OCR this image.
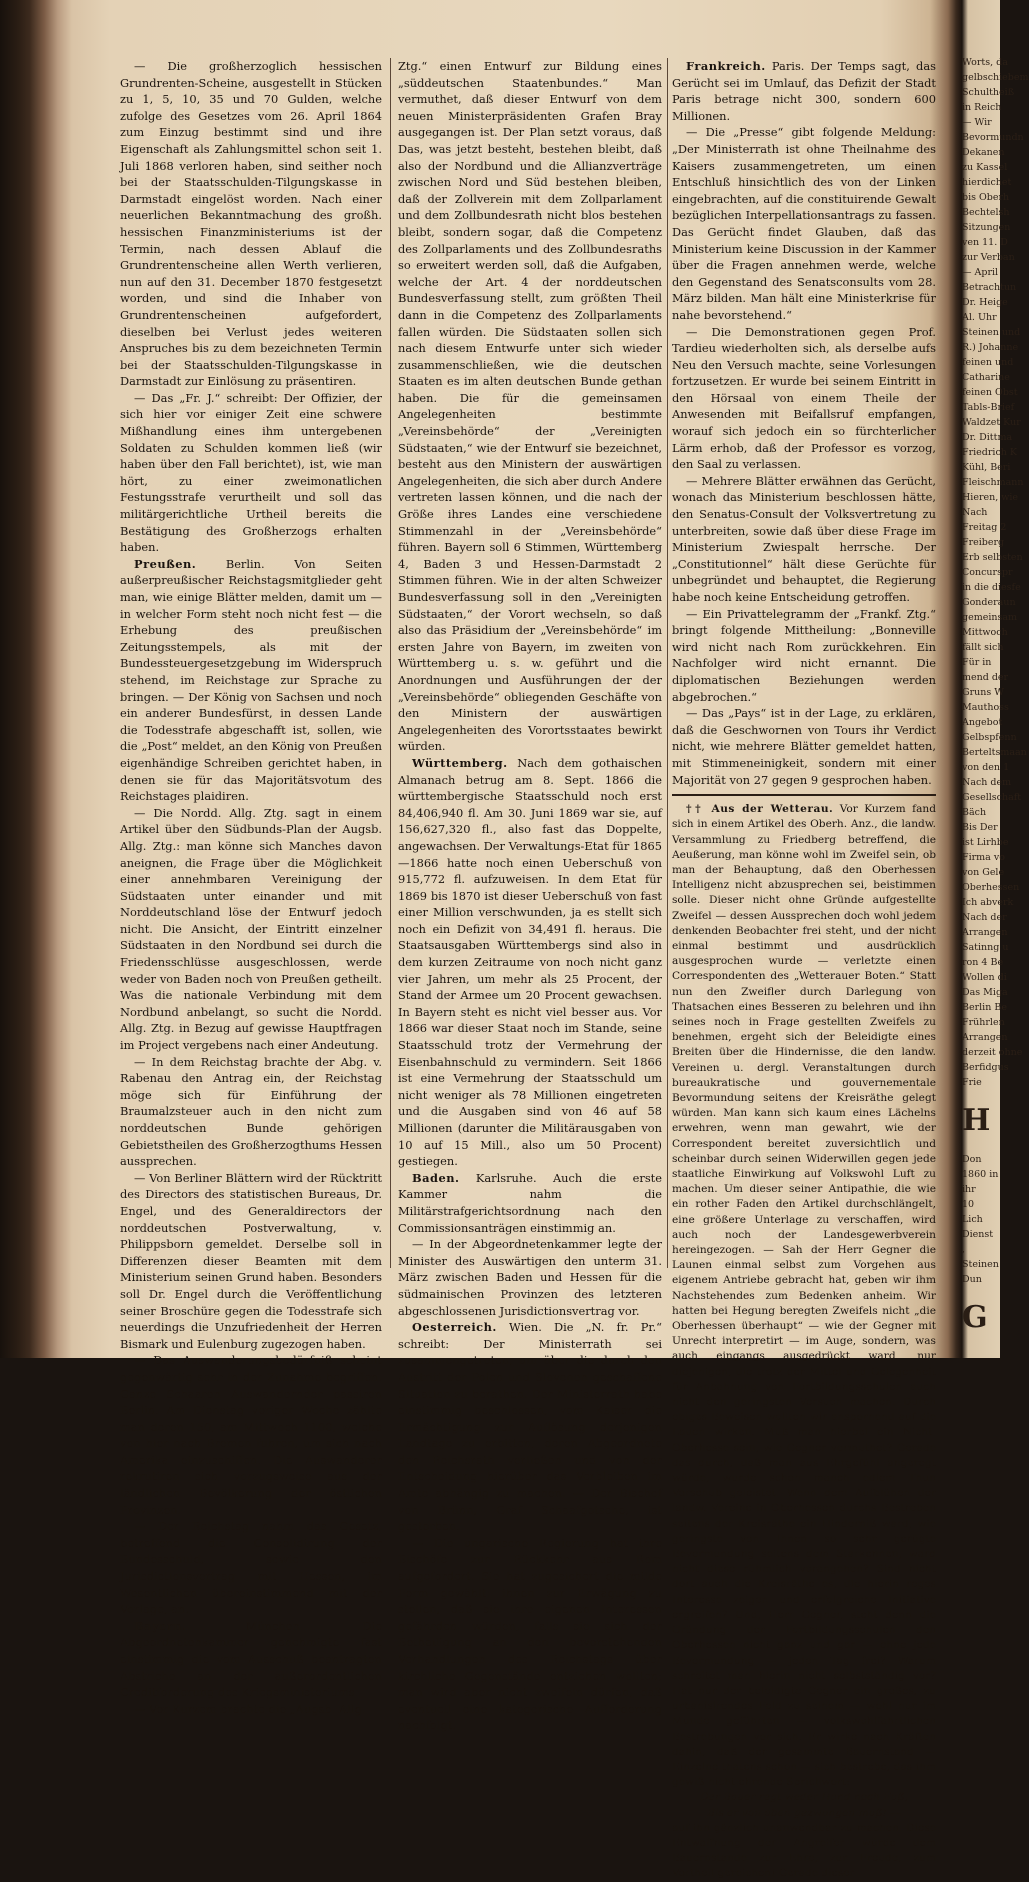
— Die großherzoglich hessischen Grundrenten-Scheine, ausgestellt in Stücken zu 1, 5, 10, 35 und 70 Gulden, welche zufolge des Gesetzes vom 26. April 1864 zum Einzug bestimmt sind und ihre Eigenschaft als Zahlungsmittel schon seit 1. Juli 1868 verloren haben, sind seither noch bei der Staatsschulden-Tilgungskasse in Darmstadt eingelöst worden. Nach einer neuerlichen Bekanntmachung des großh. hessischen Finanzministeriums ist der Termin, nach dessen Ablauf die Grundrentenscheine allen Werth verlieren, nun auf den 31. December 1870 festgesetzt worden, und sind die Inhaber von Grundrentenscheinen aufgefordert, dieselben bei Verlust jedes weiteren Anspruches bis zu dem bezeichneten Termin bei der Staatsschulden-Tilgungskasse in Darmstadt zur Einlösung zu präsentiren.

— Das „Fr. J.“ schreibt: Der Offizier, der sich hier vor einiger Zeit eine schwere Mißhandlung eines ihm untergebenen Soldaten zu Schulden kommen ließ (wir haben über den Fall berichtet), ist, wie man hört, zu einer zweimonatlichen Festungsstrafe verurtheilt und soll das militärgerichtliche Urtheil bereits die Bestätigung des Großherzogs erhalten haben.

Preußen. Berlin. Von Seiten außerpreußischer Reichstagsmitglieder geht man, wie einige Blätter melden, damit um — in welcher Form steht noch nicht fest — die Erhebung des preußischen Zeitungsstempels, als mit der Bundessteuergesetzgebung im Widerspruch stehend, im Reichstage zur Sprache zu bringen. — Der König von Sachsen und noch ein anderer Bundesfürst, in dessen Lande die Todesstrafe abgeschafft ist, sollen, wie die „Post“ meldet, an den König von Preußen eigenhändige Schreiben gerichtet haben, in denen sie für das Majoritätsvotum des Reichstages plaidiren.

— Die Nordd. Allg. Ztg. sagt in einem Artikel über den Südbunds-Plan der Augsb. Allg. Ztg.: man könne sich Manches davon aneignen, die Frage über die Möglichkeit einer annehmbaren Vereinigung der Südstaaten unter einander und mit Norddeutschland löse der Entwurf jedoch nicht. Die Ansicht, der Eintritt einzelner Südstaaten in den Nordbund sei durch die Friedensschlüsse ausgeschlossen, werde weder von Baden noch von Preußen getheilt. Was die nationale Verbindung mit dem Nordbund anbelangt, so sucht die Nordd. Allg. Ztg. in Bezug auf gewisse Hauptfragen im Project vergebens nach einer Andeutung.

— In dem Reichstag brachte der Abg. v. Rabenau den Antrag ein, der Reichstag möge sich für Einführung der Braumalzsteuer auch in den nicht zum norddeutschen Bunde gehörigen Gebietstheilen des Großherzogthums Hessen aussprechen.

— Von Berliner Blättern wird der Rücktritt des Directors des statistischen Bureaus, Dr. Engel, und des Generaldirectors der norddeutschen Postverwaltung, v. Philippsborn gemeldet. Derselbe soll in Differenzen dieser Beamten mit dem Ministerium seinen Grund haben. Besonders soll Dr. Engel durch die Veröffentlichung seiner Broschüre gegen die Todesstrafe sich neuerdings die Unzufriedenheit der Herren Bismark und Eulenburg zugezogen haben.

— Das Auswanderungsbedürfniß scheint gegenwärtig sehr in der Zunahme begriffen. Ganze Schaaren Auswandernder passiren Berlin. Am Dienstag voriger Woche zählte man deren 150, am Mittwoch 1100, welche von hier nach Bremen fuhren, um sich nach Amerika einzuschiffen. Die Auswanderer rekrutiren sich vorzugsweise aus der ländlichen Bevölkerung der östlichen Provinzen.

— Der Reichstag nahm das Gesetz, betreffend die Consolidirung der Bundesschuld, sowie den Jurisdictionsvertrag mit Hessen, im Wesentlichen übereinstimmend mit der Vorlage, an.

Bayern. München. Die Abgeordnetenkammer genehmigte fast einstimmig die vom Ausschuß beantragten Abstriche an der außerordentlichen Creditforderung des Kriegsministeriums.

— Vor Kurzem brachte die „Augsb. Allg.

Ztg.“ einen Entwurf zur Bildung eines „süddeutschen Staatenbundes.“ Man vermuthet, daß dieser Entwurf von dem neuen Ministerpräsidenten Grafen Bray ausgegangen ist. Der Plan setzt voraus, daß Das, was jetzt besteht, bestehen bleibt, daß also der Nordbund und die Allianzverträge zwischen Nord und Süd bestehen bleiben, daß der Zollverein mit dem Zollparlament und dem Zollbundesrath nicht blos bestehen bleibt, sondern sogar, daß die Competenz des Zollparlaments und des Zollbundesraths so erweitert werden soll, daß die Aufgaben, welche der Art. 4 der norddeutschen Bundesverfassung stellt, zum größten Theil dann in die Competenz des Zollparlaments fallen würden. Die Südstaaten sollen sich nach diesem Entwurfe unter sich wieder zusammenschließen, wie die deutschen Staaten es im alten deutschen Bunde gethan haben. Die für die gemeinsamen Angelegenheiten bestimmte „Vereinsbehörde“ der „Vereinigten Südstaaten,“ wie der Entwurf sie bezeichnet, besteht aus den Ministern der auswärtigen Angelegenheiten, die sich aber durch Andere vertreten lassen können, und die nach der Größe ihres Landes eine verschiedene Stimmenzahl in der „Vereinsbehörde“ führen. Bayern soll 6 Stimmen, Württemberg 4, Baden 3 und Hessen-Darmstadt 2 Stimmen führen. Wie in der alten Schweizer Bundesverfassung soll in den „Vereinigten Südstaaten,“ der Vorort wechseln, so daß also das Präsidium der „Vereinsbehörde“ im ersten Jahre von Bayern, im zweiten von Württemberg u. s. w. geführt und die Anordnungen und Ausführungen der der „Vereinsbehörde“ obliegenden Geschäfte von den Ministern der auswärtigen Angelegenheiten des Vorortsstaates bewirkt würden.

Württemberg. Nach dem gothaischen Almanach betrug am 8. Sept. 1866 die württembergische Staatsschuld noch erst 84,406,940 fl. Am 30. Juni 1869 war sie, auf 156,627,320 fl., also fast das Doppelte, angewachsen. Der Verwaltungs-Etat für 1865—1866 hatte noch einen Ueberschuß von 915,772 fl. aufzuweisen. In dem Etat für 1869 bis 1870 ist dieser Ueberschuß von fast einer Million verschwunden, ja es stellt sich noch ein Defizit von 34,491 fl. heraus. Die Staatsausgaben Württembergs sind also in dem kurzen Zeitraume von noch nicht ganz vier Jahren, um mehr als 25 Procent, der Stand der Armee um 20 Procent gewachsen. In Bayern steht es nicht viel besser aus. Vor 1866 war dieser Staat noch im Stande, seine Staatsschuld trotz der Vermehrung der Eisenbahnschuld zu vermindern. Seit 1866 ist eine Vermehrung der Staatsschuld um nicht weniger als 78 Millionen eingetreten und die Ausgaben sind von 46 auf 58 Millionen (darunter die Militärausgaben von 10 auf 15 Mill., also um 50 Procent) gestiegen.

Baden. Karlsruhe. Auch die erste Kammer nahm die Militärstrafgerichtsordnung nach den Commissionsanträgen einstimmig an.

— In der Abgeordnetenkammer legte der Minister des Auswärtigen den unterm 31. März zwischen Baden und Hessen für die südmainischen Provinzen des letzteren abgeschlossenen Jurisdictionsvertrag vor.

Oesterreich. Wien. Die „N. fr. Pr.“ schreibt: Der Ministerrath sei zusammengetreten, um über die durch den Austritt der Polen und Slovenen geschaffene Situation zu berathen. Der Ministerrath habe einstimmig beschlossen, vom Kaiser die Ermächtigung zur Auflösung derjenigen Landtage zu erbitten, deren Abgeordnete den Reichsrath verließen und von der Entscheidung hierüber das Verbleiben im Amte abhängig zu machen. — Der Bischof von Brünn, Graf Schaafgotsche, ist gestorben.

— Die ungarische Regierung hat ihre Bischöfe zur Rückkehr aus Rom aufgefordert. Sie hat zugesichert die milde Form gewählt: ihnen zur Erwägung zu stellen, daß sie ihre eigenen Interessen gefährden würden, falls sie sich der Betheiligung an den bevorstehenden Verhandlungen des Reichstags über kirchliche Gegenstände entziehen wollten; man wird aber nicht zweifeln dürfen, daß eventuell eine kategorische Aufforderung nachfolgt.

Frankreich. Paris. Der Temps sagt, das Gerücht sei im Umlauf, das Defizit der Stadt Paris betrage nicht 300, sondern 600 Millionen.

— Die „Presse“ gibt folgende Meldung: „Der Ministerrath ist ohne Theilnahme des Kaisers zusammengetreten, um einen Entschluß hinsichtlich des von der Linken eingebrachten, auf die constituirende Gewalt bezüglichen Interpellationsantrags zu fassen. Das Gerücht findet Glauben, daß das Ministerium keine Discussion in der Kammer über die Fragen annehmen werde, welche den Gegenstand des Senatsconsults vom 28. März bilden. Man hält eine Ministerkrise für nahe bevorstehend.“

— Die Demonstrationen gegen Prof. Tardieu wiederholten sich, als derselbe aufs Neu den Versuch machte, seine Vorlesungen fortzusetzen. Er wurde bei seinem Eintritt in den Hörsaal von einem Theile der Anwesenden mit Beifallsruf empfangen, worauf sich jedoch ein so fürchterlicher Lärm erhob, daß der Professor es vorzog, den Saal zu verlassen.

— Mehrere Blätter erwähnen das Gerücht, wonach das Ministerium beschlossen hätte, den Senatus-Consult der Volksvertretung zu unterbreiten, sowie daß über diese Frage im Ministerium Zwiespalt herrsche. Der „Constitutionnel“ hält diese Gerüchte für unbegründet und behauptet, die Regierung habe noch keine Entscheidung getroffen.

— Ein Privattelegramm der „Frankf. Ztg.“ bringt folgende Mittheilung: „Bonneville wird nicht nach Rom zurückkehren. Ein Nachfolger wird nicht ernannt. Die diplomatischen Beziehungen werden abgebrochen.“

— Das „Pays“ ist in der Lage, zu erklären, daß die Geschwornen von Tours ihr Verdict nicht, wie mehrere Blätter gemeldet hatten, mit Stimmeneinigkeit, sondern mit einer Majorität von 27 gegen 9 gesprochen haben.

†† Aus der Wetterau. Vor Kurzem fand sich in einem Artikel des Oberh. Anz., die landw. Versammlung zu Friedberg betreffend, die Aeußerung, man könne wohl im Zweifel sein, ob man der Behauptung, daß den Oberhessen Intelligenz nicht abzusprechen sei, beistimmen solle. Dieser nicht ohne Gründe aufgestellte Zweifel — dessen Aussprechen doch wohl jedem denkenden Beobachter frei steht, und der nicht einmal bestimmt und ausdrücklich ausgesprochen wurde — verletzte einen Correspondenten des „Wetterauer Boten.“ Statt nun den Zweifler durch Darlegung von Thatsachen eines Besseren zu belehren und ihn seines noch in Frage gestellten Zweifels zu benehmen, ergeht sich der Beleidigte eines Breiten über die Hindernisse, die den landw. Vereinen u. dergl. Veranstaltungen durch bureaukratische und gouvernementale Bevormundung seitens der Kreisräthe gelegt würden. Man kann sich kaum eines Lächelns erwehren, wenn man gewahrt, wie der Correspondent bereitet zuversichtlich und scheinbar durch seinen Widerwillen gegen jede staatliche Einwirkung auf Volkswohl Luft zu machen. Um dieser seiner Antipathie, die wie ein rother Faden den Artikel durchschlängelt, eine größere Unterlage zu verschaffen, wird auch noch der Landesgewerbverein hereingezogen. — Sah der Herr Gegner die Launen einmal selbst zum Vorgehen aus eigenem Antriebe gebracht hat, geben wir ihm Nachstehendes zum Bedenken anheim. Wir hatten bei Hegung beregten Zweifels nicht „die Oberhessen überhaupt“ — wie der Gegner mit Unrecht interpretirt — im Auge, sondern, was auch eingangs ausgedrückt ward, nur diejenigen, die trotz der Mittel und Gelegenheit für Anbahnung von Fortbildungsschulen auch nicht den geringsten Versuch machen. Durch obiges Beweisen wollten wir anspornend auf die Lauen wirken. Muß man hierbei ein Nicht-Oberhesse sein, wie Gegner vermuthet? Gerade das durch, daß man aus Ehrgefühl angeregt würde, wurde schon manch edlem Thun Vorschub geleistet. Wenn dem Aufblühen der landw. Vereine in Oberhessen durchs Bestreben seitens der Kreisräthe ein Hinderniß ward, wie geringste von Ihnen so sehr gerügte Bevormundung seitens dem Starkennen, ward nicht diese rühmlich vorangehen? Sind nicht dort auch die Kreisräthe es, die hierin reges Interesse zeigen und erfolgreiche Initiative ergreifen? Und, Herr Gegner, steht denn die Gründung der Fortbildungsschulen den Oberhessen nicht ganz und gar — ohne jede Bevormundung — jeden Tag frei? Warum schreitet man hierin nicht selbstständig vor? Hat nur der beleidigte Gegner ein großes, zu urbanisirendes Feld zu seinem — wohl nur im Munde geführten — volkswohlfahrtlichen Bestrebungen vor sich. Er wirke nach Kräften dahin, daß der gesammte Bauernstand — Einzelne thatens schon — sich bestrebe, das ihm gewiß nicht ehrende Sprichwort:

Der Bauer regt weder Hand noch Fuß,

Bis er von oben gezwungen muß! —

auf ihn gänzlich unanwendbar zu machen. Diese Entwaffnung der Angreifer würde dem Bauernstande zur Ehre, zur Freude, zum Vortheil gereichen! Gerade dieser

Worts, da
gelbschiebem
Schultheiß
in Reich
— Wir
Bevormundn
Dekanen
zu Kassel
hierdichet
bis Oberh
Bechtelsh
Sitzungen
ven 11. D
zur Verban
— April
Betrachtun
Dr. Heige
Al. Uhr
Steinen und
R.) Johanne
feinen und
Catharine
feinen Obst
Tabls-Brief
Waldzet Kur
Dr. Dittma
Friedrich K
Kühl, Beri
Fleischmann
Hieren, wie
Nach
Freitag 2
Freiberg
Erb selbsten
Concurspr
in die diesfe
Gonderaun
gemeinsam
Mittwoch
fällt sich
Für in
mend der
Gruns W
Mauthoss
Angebot
Gelbspfenn
Berteltsmaan
von den 1
Nach dem
Gesellschaft
Bäch
Bis Der
ist Lirhbe
Firma vo
von Gele
Oberhessen
Ich abverk
Nach der
Arrangen
Satinng u
ron 4 Be
Wollen di
Das Miga
Berlin Be
Frührlen
Arrangen
derzeit ohne
Berfidgus
Frie
H
Don
1860 in
ihr
10
Lich
Dienst
,
Steinen
Dun
G
